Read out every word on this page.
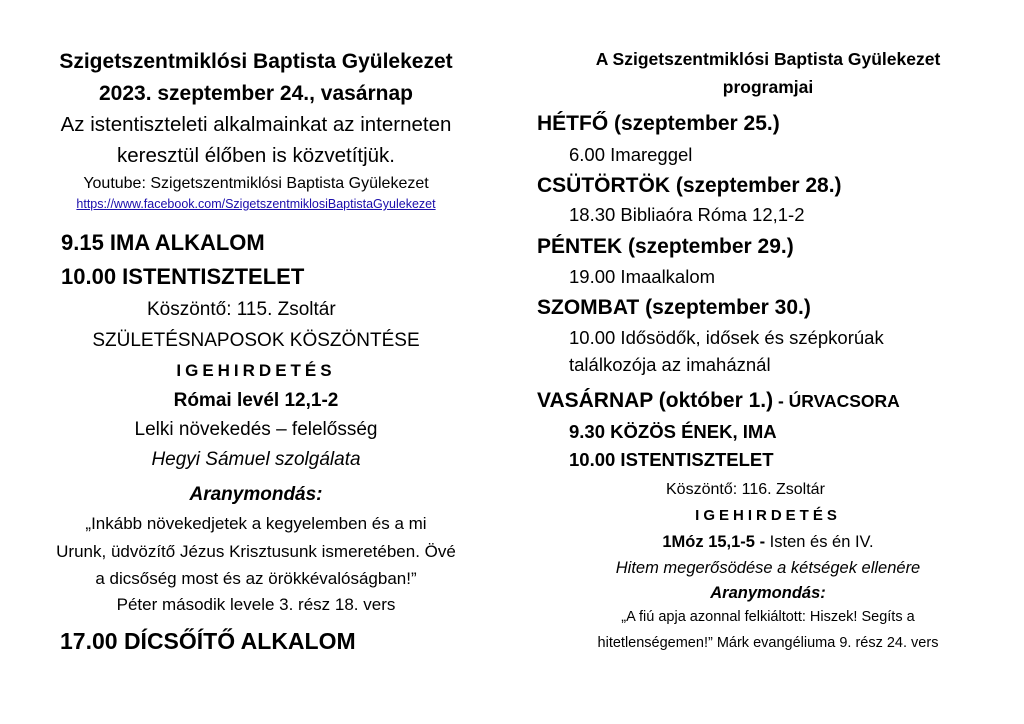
Szigetszentmiklósi Baptista Gyülekezet
2023. szeptember 24., vasárnap
Az istentiszteleti alkalmainkat az interneten
keresztül élőben is közvetítjük.
Youtube: Szigetszentmiklósi Baptista Gyülekezet
https://www.facebook.com/SzigetszentmiklosiBaptistaGyulekezet
9.15 IMA ALKALOM
10.00 ISTENTISZTELET
Köszöntő: 115. Zsoltár
SZÜLETÉSNAPOSOK KÖSZÖNTÉSE
IGEHIRDETÉS
Római levél 12,1-2
Lelki növekedés – felelősség
Hegyi Sámuel szolgálata
Aranymondás:
„Inkább növekedjetek a kegyelemben és a mi
Urunk, üdvözítő Jézus Krisztusunk ismeretében. Övé
a dicsőség most és az örökkévalóságban!”
Péter második levele 3. rész 18. vers
17.00 DÍCSŐÍTŐ ALKALOM
A Szigetszentmiklósi Baptista Gyülekezet
programjai
HÉTFŐ (szeptember 25.)
6.00 Imareggel
CSÜTÖRTÖK (szeptember 28.)
18.30 Bibliaóra Róma 12,1-2
PÉNTEK (szeptember 29.)
19.00 Imaalkalom
SZOMBAT (szeptember 30.)
10.00 Idősödők, idősek és szépkorúak
találkozója az imaháznál
VASÁRNAP (október 1.) - ÚRVACSORA
9.30 KÖZÖS ÉNEK, IMA
10.00 ISTENTISZTELET
Köszöntő: 116. Zsoltár
IGEHIRDETÉS
1Móz 15,1-5 - Isten és én IV.
Hitem megerősödése a kétségek ellenére
Aranymondás:
„A fiú apja azonnal felkiáltott: Hiszek! Segíts a
hitetlenségemen!” Márk evangéliuma 9. rész 24. vers
